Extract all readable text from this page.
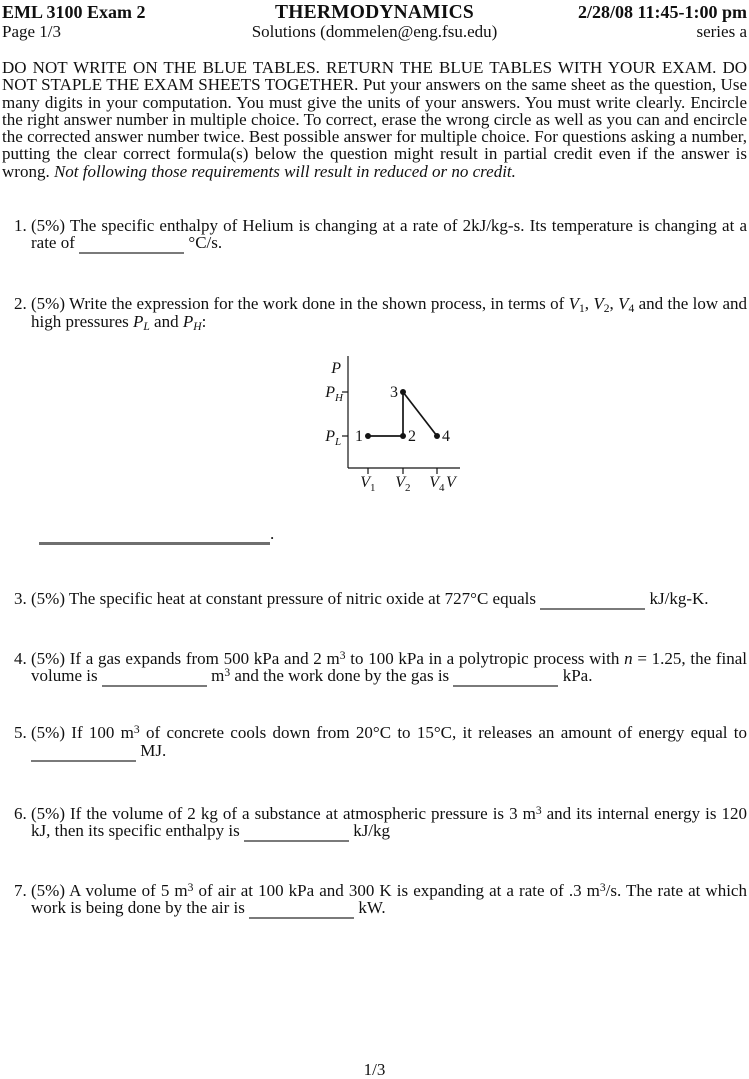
EML 3100 Exam 2	THERMODYNAMICS	2/28/08 11:45-1:00 pm
Page 1/3	Solutions (dommelen@eng.fsu.edu)	series a

DO NOT WRITE ON THE BLUE TABLES. RETURN THE BLUE TABLES WITH YOUR EXAM. DO NOT STAPLE THE EXAM SHEETS TOGETHER. Put your answers on the same sheet as the question, Use many digits in your computation. You must give the units of your answers. You must write clearly. Encircle the right answer number in multiple choice. To correct, erase the wrong circle as well as you can and encircle the corrected answer number twice. Best possible answer for multiple choice. For questions asking a number, putting the clear correct formula(s) below the question might result in partial credit even if the answer is wrong. Not following those requirements will result in reduced or no credit.

1. (5%) The specific enthalpy of Helium is changing at a rate of 2kJ/kg-s. Its temperature is changing at a rate of	°C/s.
2. (5%) Write the expression for the work done in the shown process, in terms of $V_1$, $V_2$, $V_4$ and the low and high pressures $P_L$ and $P_H$:
P
V
P H
P L
V 1 V 2 V 4
1	2
3
4
.
3. (5%) The specific heat at constant pressure of nitric oxide at 727°C equals	kJ/kg-K.
4. (5%) If a gas expands from 500 kPa and 2 $m^3$ to 100 kPa in a polytropic process with n = 1.25, the final volume is	$m^3$ and the work done by the gas is	kPa.
5. (5%) If 100 $m^3$ of concrete cools down from 20°C to 15°C, it releases an amount of energy equal to  MJ.
6. (5%) If the volume of 2 kg of a substance at atmospheric pressure is 3 $m^3$ and its internal energy is 120 kJ, then its specific enthalpy is	kJ/kg
7. (5%) A volume of 5 $m^3$ of air at 100 kPa and 300 K is expanding at a rate of .3 $m^3/s$. The rate at which work is being done by the air is	kW.
1/3
